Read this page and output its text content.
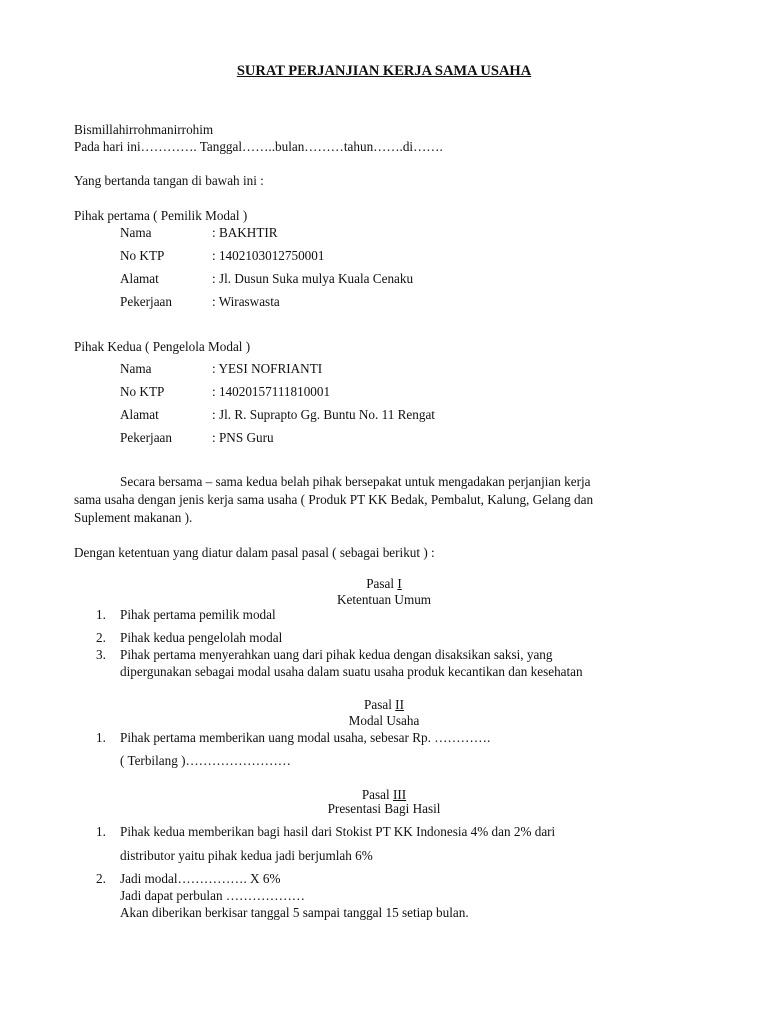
SURAT PERJANJIAN KERJA SAMA USAHA
Bismillahirrohmanirrohim
Pada hari ini…………. Tanggal……..bulan………tahun…….di…….
Yang bertanda tangan di bawah ini :
Pihak pertama ( Pemilik Modal )
Nama	: BAKHTIR
No KTP	: 1402103012750001
Alamat	: Jl. Dusun Suka mulya Kuala Cenaku
Pekerjaan	: Wiraswasta
Pihak Kedua ( Pengelola Modal )
Nama	: YESI NOFRIANTI
No KTP	: 14020157111810001
Alamat	: Jl. R. Suprapto Gg. Buntu No. 11 Rengat
Pekerjaan	: PNS Guru
Secara bersama – sama kedua belah pihak bersepakat untuk mengadakan perjanjian kerja
sama usaha dengan jenis kerja sama usaha ( Produk PT KK Bedak, Pembalut, Kalung, Gelang dan
Suplement makanan ).
Dengan ketentuan yang diatur dalam pasal pasal ( sebagai berikut ) :
Pasal I
Ketentuan Umum
1. Pihak pertama pemilik modal
2. Pihak kedua pengelolah modal
3. Pihak pertama menyerahkan uang dari pihak kedua dengan disaksikan saksi, yang
dipergunakan sebagai modal usaha dalam suatu usaha produk kecantikan dan kesehatan
Pasal II
Modal Usaha
1. Pihak pertama memberikan uang modal usaha, sebesar Rp. ………….
( Terbilang )……………………
Pasal III
Presentasi Bagi Hasil
1. Pihak kedua memberikan bagi hasil dari Stokist PT KK Indonesia 4% dan 2% dari
distributor yaitu pihak kedua jadi berjumlah 6%
2. Jadi modal……………. X 6%
Jadi dapat perbulan ………………
Akan diberikan berkisar tanggal 5 sampai tanggal 15 setiap bulan.
